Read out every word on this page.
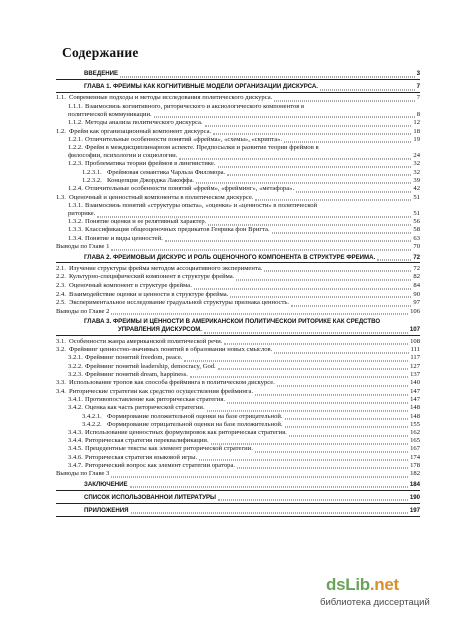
Содержание
ВВЕДЕНИЕ	3
ГЛАВА 1. ФРЕЙМЫ КАК КОГНИТИВНЫЕ МОДЕЛИ ОРГАНИЗАЦИИ ДИСКУРСА.	7
1.1. Современные подходы и методы исследования политического дискурса.	7
1.1.1. Взаимосвязь когнитивного, риторического и аксиологического компонентов в
политической коммуникации.	8
1.1.2. Методы анализа политического дискурса.	12
1.2. Фрейм как организационный компонент дискурса.	18
1.2.1. Отличительные особенности понятий «фрейма», «схемы», «скрипта».	19
1.2.2. Фрейм в междисциплинарном аспекте. Предпосылки и развитие теории фреймов в
философии, психологии и социологии.	24
1.2.3. Проблематика теории фреймов в лингвистике.	32
1.2.3.1. Фреймовая семантика Чарльза Филлмора.	32
1.2.3.2. Концепция Джорджа Лакоффа.	39
1.2.4. Отличительные особенности понятий «фрейм», «фрейминг», «метафора».	42
1.3. Оценочный и ценностный компоненты в политическом дискурсе.	51
1.3.1. Взаимосвязь понятий «структуры опыта», «оценки» и «ценности» в политической
риторике.	51
1.3.2. Понятие оценки и ее релятивный характер.	56
1.3.3. Классификация общеоценочных предикатов Генрика фон Вригта.	58
1.3.4. Понятие и виды ценностей.	63
Выводы по Главе 1	70
ГЛАВА 2. ФРЕЙМОВЫЙ ДИСКУРС И РОЛЬ ОЦЕНОЧНОГО КОМПОНЕНТА В СТРУКТУРЕ ФРЕЙМА.	72
2.1. Изучение структуры фрейма методом ассоциативного эксперимента.	72
2.2. Культурно-специфический компонент в структуре фрейма.	82
2.3. Оценочный компонент в структуре фрейма.	84
2.4. Взаимодействие оценки и ценности в структуре фрейма.	90
2.5. Экспериментальное исследование градуальной структуры признака ценность.	97
Выводы по Главе 2	106
ГЛАВА 3. ФРЕЙМЫ И ЦЕННОСТИ В АМЕРИКАНСКОЙ ПОЛИТИЧЕСКОЙ РИТОРИКЕ КАК СРЕДСТВО
УПРАВЛЕНИЯ ДИСКУРСОМ.	107
3.1. Особенности жанра американской политической речи.	108
3.2. Фрейминг ценностно-значимых понятий в образовании новых смыслов.	111
3.2.1. Фрейминг понятий freedom, peace.	117
3.2.2. Фрейминг понятий leadership, democracy, God.	127
3.2.3. Фрейминг понятий dream, happiness.	137
3.3. Использование тропов как способа фрейминга в политическом дискурсе.	140
3.4. Риторические стратегии как средство осуществления фрейминга.	147
3.4.1. Противопоставление как риторическая стратегия.	147
3.4.2. Оценка как часть риторической стратегии.	148
3.4.2.1. Формирование положительной оценки на базе отрицательной.	148
3.4.2.2. Формирование отрицательной оценки на базе положительной.	155
3.4.3. Использование ценностных формулировок как риторическая стратегия.	162
3.4.4. Риторическая стратегия переквалификации.	165
3.4.5. Прецедентные тексты как элемент риторической стратегии.	167
3.4.6. Риторическая стратегия языковой игры.	174
3.4.7. Риторический вопрос как элемент стратегии оратора.	178
Выводы по Главе 3	182
ЗАКЛЮЧЕНИЕ	184
СПИСОК ИСПОЛЬЗОВАННОЙ ЛИТЕРАТУРЫ	190
ПРИЛОЖЕНИЯ	197
dsLib.net
библиотека диссертаций
